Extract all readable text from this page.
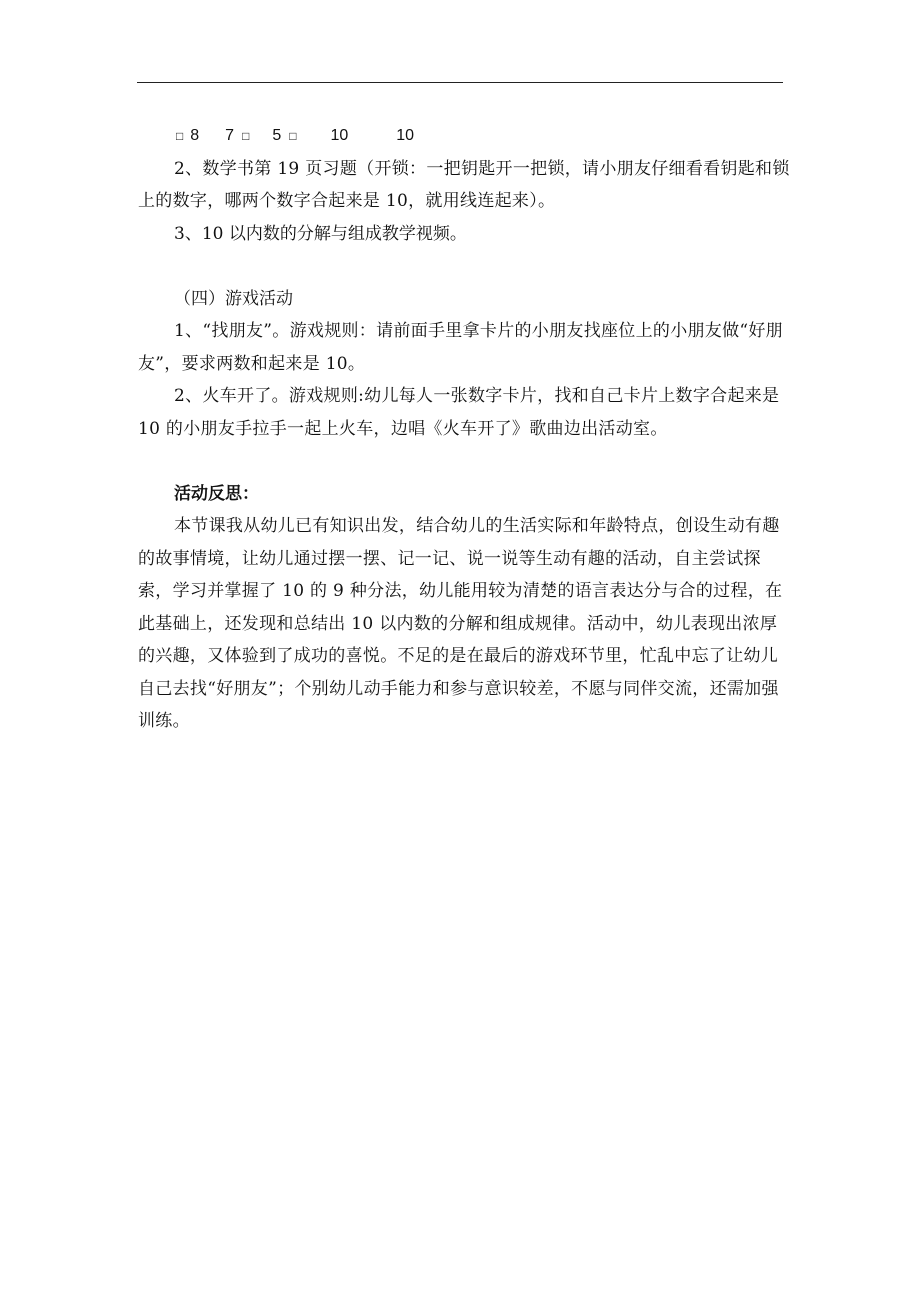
□ 8 7 □ 5 □ 10	10

2、数学书第 19 页习题（开锁：一把钥匙开一把锁，请小朋友仔细看看钥匙和锁上的数字，哪两个数字合起来是 10，就用线连起来）。

3、10 以内数的分解与组成教学视频。

（四）游戏活动

1、“找朋友”。游戏规则：请前面手里拿卡片的小朋友找座位上的小朋友做“好朋友”，要求两数和起来是 10。

2、火车开了。游戏规则:幼儿每人一张数字卡片，找和自己卡片上数字合起来是 10 的小朋友手拉手一起上火车，边唱《火车开了》歌曲边出活动室。

活动反思：

本节课我从幼儿已有知识出发，结合幼儿的生活实际和年龄特点，创设生动有趣的故事情境，让幼儿通过摆一摆、记一记、说一说等生动有趣的活动，自主尝试探索，学习并掌握了 10 的 9 种分法，幼儿能用较为清楚的语言表达分与合的过程，在此基础上，还发现和总结出 10 以内数的分解和组成规律。活动中，幼儿表现出浓厚的兴趣，又体验到了成功的喜悦。不足的是在最后的游戏环节里，忙乱中忘了让幼儿自己去找“好朋友”；个别幼儿动手能力和参与意识较差，不愿与同伴交流，还需加强训练。
